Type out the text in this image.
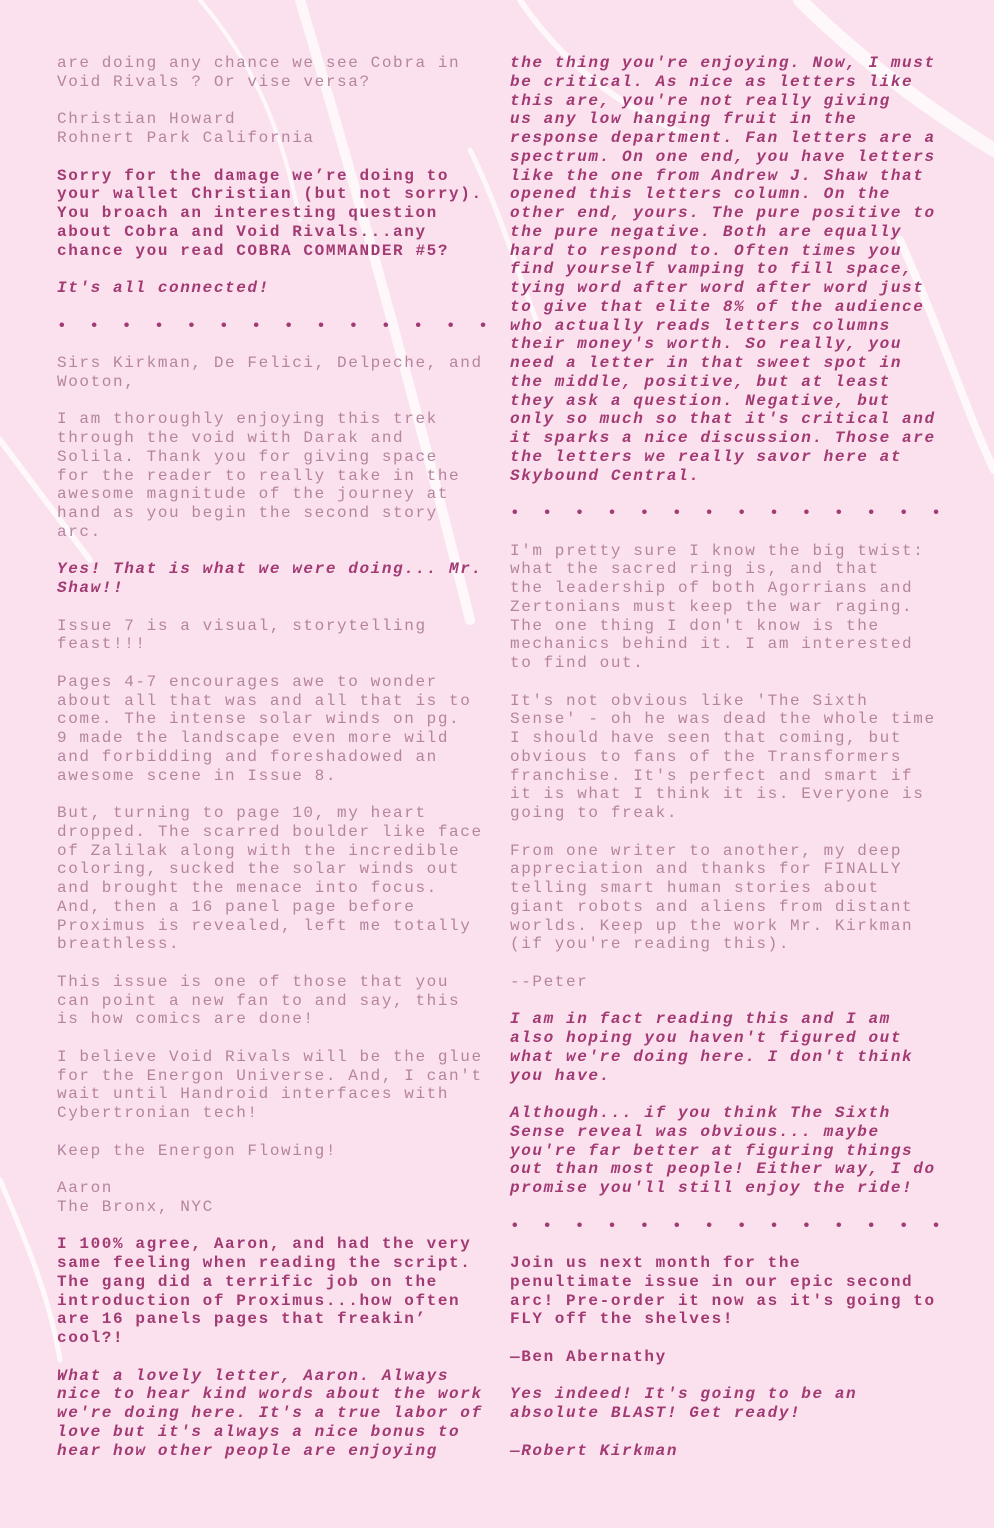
are doing any chance we see Cobra in
Void Rivals ? Or vise versa?
Christian Howard
Rohnert Park California
Sorry for the damage we’re doing to
your wallet Christian (but not sorry).
You broach an interesting question
about Cobra and Void Rivals...any
chance you read COBRA COMMANDER #5?
It's all connected!
• • • • • • • • • • • • • •
Sirs Kirkman, De Felici, Delpeche, and
Wooton,
I am thoroughly enjoying this trek
through the void with Darak and
Solila. Thank you for giving space
for the reader to really take in the
awesome magnitude of the journey at
hand as you begin the second story
arc.
Yes! That is what we were doing... Mr.
Shaw!!
Issue 7 is a visual, storytelling
feast!!!
Pages 4-7 encourages awe to wonder
about all that was and all that is to
come. The intense solar winds on pg.
9 made the landscape even more wild
and forbidding and foreshadowed an
awesome scene in Issue 8.
But, turning to page 10, my heart
dropped. The scarred boulder like face
of Zalilak along with the incredible
coloring, sucked the solar winds out
and brought the menace into focus.
And, then a 16 panel page before
Proximus is revealed, left me totally
breathless.
This issue is one of those that you
can point a new fan to and say, this
is how comics are done!
I believe Void Rivals will be the glue
for the Energon Universe. And, I can't
wait until Handroid interfaces with
Cybertronian tech!
Keep the Energon Flowing!
Aaron
The Bronx, NYC
I 100% agree, Aaron, and had the very
same feeling when reading the script.
The gang did a terrific job on the
introduction of Proximus...how often
are 16 panels pages that freakin’
cool?!
What a lovely letter, Aaron. Always
nice to hear kind words about the work
we're doing here. It's a true labor of
love but it's always a nice bonus to
hear how other people are enjoying
the thing you're enjoying. Now, I must
be critical. As nice as letters like
this are, you're not really giving
us any low hanging fruit in the
response department. Fan letters are a
spectrum. On one end, you have letters
like the one from Andrew J. Shaw that
opened this letters column. On the
other end, yours. The pure positive to
the pure negative. Both are equally
hard to respond to. Often times you
find yourself vamping to fill space,
tying word after word after word just
to give that elite 8% of the audience
who actually reads letters columns
their money's worth. So really, you
need a letter in that sweet spot in
the middle, positive, but at least
they ask a question. Negative, but
only so much so that it's critical and
it sparks a nice discussion. Those are
the letters we really savor here at
Skybound Central.
• • • • • • • • • • • • • •
I'm pretty sure I know the big twist:
what the sacred ring is, and that
the leadership of both Agorrians and
Zertonians must keep the war raging.
The one thing I don't know is the
mechanics behind it. I am interested
to find out.
It's not obvious like 'The Sixth
Sense' - oh he was dead the whole time
I should have seen that coming, but
obvious to fans of the Transformers
franchise. It's perfect and smart if
it is what I think it is. Everyone is
going to freak.
From one writer to another, my deep
appreciation and thanks for FINALLY
telling smart human stories about
giant robots and aliens from distant
worlds. Keep up the work Mr. Kirkman
(if you're reading this).
--Peter
I am in fact reading this and I am
also hoping you haven't figured out
what we're doing here. I don't think
you have.
Although... if you think The Sixth
Sense reveal was obvious... maybe
you're far better at figuring things
out than most people! Either way, I do
promise you'll still enjoy the ride!
• • • • • • • • • • • • • •
Join us next month for the
penultimate issue in our epic second
arc! Pre-order it now as it's going to
FLY off the shelves!
—Ben Abernathy
Yes indeed! It's going to be an
absolute BLAST! Get ready!
—Robert Kirkman
